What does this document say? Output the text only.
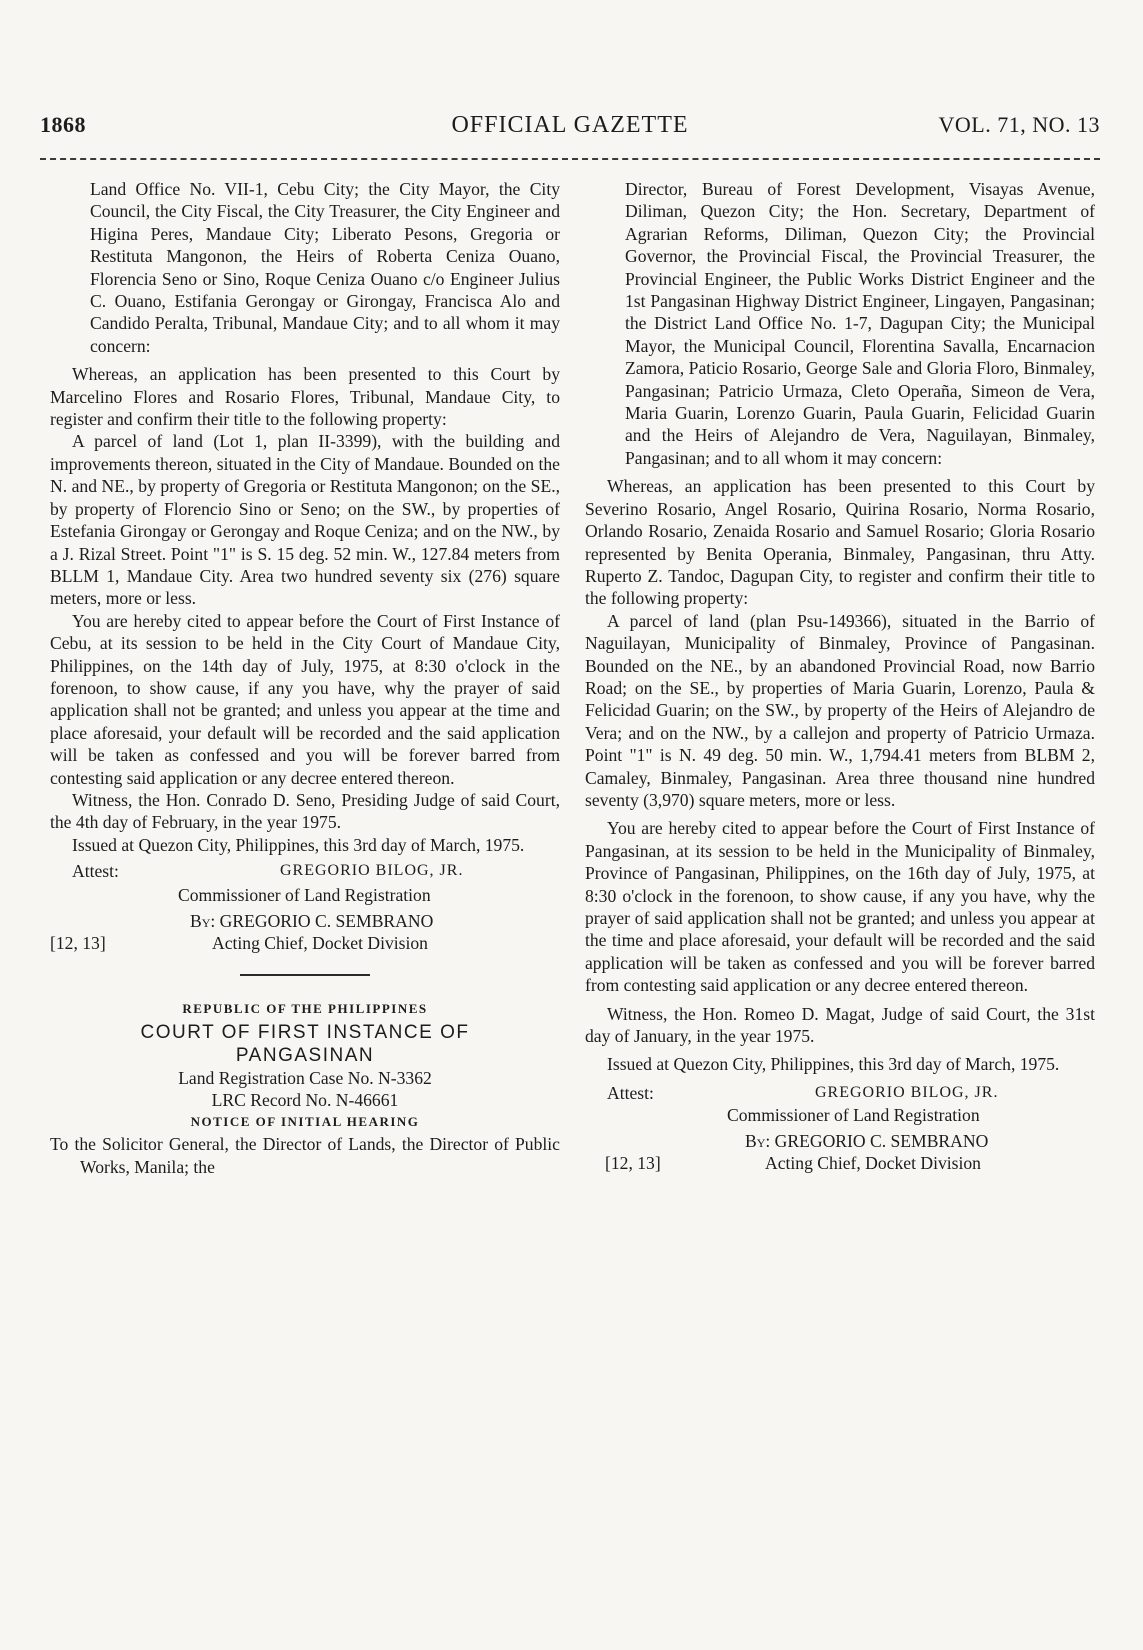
1868	OFFICIAL GAZETTE	VOL. 71, NO. 13

Land Office No. VII-1, Cebu City; the City Mayor, the City Council, the City Fiscal, the City Treasurer, the City Engineer and Higina Peres, Mandaue City; Liberato Pesons, Gregoria or Restituta Mangonon, the Heirs of Roberta Ceniza Ouano, Florencia Seno or Sino, Roque Ceniza Ouano c/o Engineer Julius C. Ouano, Estifania Gerongay or Girongay, Francisca Alo and Candido Peralta, Tribunal, Mandaue City; and to all whom it may concern:

Whereas, an application has been presented to this Court by Marcelino Flores and Rosario Flores, Tribunal, Mandaue City, to register and confirm their title to the following property:

A parcel of land (Lot 1, plan II-3399), with the building and improvements thereon, situated in the City of Mandaue. Bounded on the N. and NE., by property of Gregoria or Restituta Mangonon; on the SE., by property of Florencio Sino or Seno; on the SW., by properties of Estefania Girongay or Gerongay and Roque Ceniza; and on the NW., by a J. Rizal Street. Point "1" is S. 15 deg. 52 min. W., 127.84 meters from BLLM 1, Mandaue City. Area two hundred seventy six (276) square meters, more or less.

You are hereby cited to appear before the Court of First Instance of Cebu, at its session to be held in the City Court of Mandaue City, Philippines, on the 14th day of July, 1975, at 8:30 o'clock in the forenoon, to show cause, if any you have, why the prayer of said application shall not be granted; and unless you appear at the time and place aforesaid, your default will be recorded and the said application will be taken as confessed and you will be forever barred from contesting said application or any decree entered thereon.

Witness, the Hon. Conrado D. Seno, Presiding Judge of said Court, the 4th day of February, in the year 1975.

Issued at Quezon City, Philippines, this 3rd day of March, 1975.

Attest:	GREGORIO BILOG, JR.
Commissioner of Land Registration
By: GREGORIO C. SEMBRANO
[12, 13]	Acting Chief, Docket Division

REPUBLIC OF THE PHILIPPINES

COURT OF FIRST INSTANCE OF

PANGASINAN

Land Registration Case No. N-3362

LRC Record No. N-46661

NOTICE OF INITIAL HEARING

To the Solicitor General, the Director of Lands, the Director of Public Works, Manila; the

Director, Bureau of Forest Development, Visayas Avenue, Diliman, Quezon City; the Hon. Secretary, Department of Agrarian Reforms, Diliman, Quezon City; the Provincial Governor, the Provincial Fiscal, the Provincial Treasurer, the Provincial Engineer, the Public Works District Engineer and the 1st Pangasinan Highway District Engineer, Lingayen, Pangasinan; the District Land Office No. 1-7, Dagupan City; the Municipal Mayor, the Municipal Council, Florentina Savalla, Encarnacion Zamora, Paticio Rosario, George Sale and Gloria Floro, Binmaley, Pangasinan; Patricio Urmaza, Cleto Operaña, Simeon de Vera, Maria Guarin, Lorenzo Guarin, Paula Guarin, Felicidad Guarin and the Heirs of Alejandro de Vera, Naguilayan, Binmaley, Pangasinan; and to all whom it may concern:

Whereas, an application has been presented to this Court by Severino Rosario, Angel Rosario, Quirina Rosario, Norma Rosario, Orlando Rosario, Zenaida Rosario and Samuel Rosario; Gloria Rosario represented by Benita Operania, Binmaley, Pangasinan, thru Atty. Ruperto Z. Tandoc, Dagupan City, to register and confirm their title to the following property:

A parcel of land (plan Psu-149366), situated in the Barrio of Naguilayan, Municipality of Binmaley, Province of Pangasinan. Bounded on the NE., by an abandoned Provincial Road, now Barrio Road; on the SE., by properties of Maria Guarin, Lorenzo, Paula & Felicidad Guarin; on the SW., by property of the Heirs of Alejandro de Vera; and on the NW., by a callejon and property of Patricio Urmaza. Point "1" is N. 49 deg. 50 min. W., 1,794.41 meters from BLBM 2, Camaley, Binmaley, Pangasinan. Area three thousand nine hundred seventy (3,970) square meters, more or less.

You are hereby cited to appear before the Court of First Instance of Pangasinan, at its session to be held in the Municipality of Binmaley, Province of Pangasinan, Philippines, on the 16th day of July, 1975, at 8:30 o'clock in the forenoon, to show cause, if any you have, why the prayer of said application shall not be granted; and unless you appear at the time and place aforesaid, your default will be recorded and the said application will be taken as confessed and you will be forever barred from contesting said application or any decree entered thereon.

Witness, the Hon. Romeo D. Magat, Judge of said Court, the 31st day of January, in the year 1975.

Issued at Quezon City, Philippines, this 3rd day of March, 1975.

Attest:	GREGORIO BILOG, JR.
Commissioner of Land Registration
By: GREGORIO C. SEMBRANO
[12, 13]	Acting Chief, Docket Division
